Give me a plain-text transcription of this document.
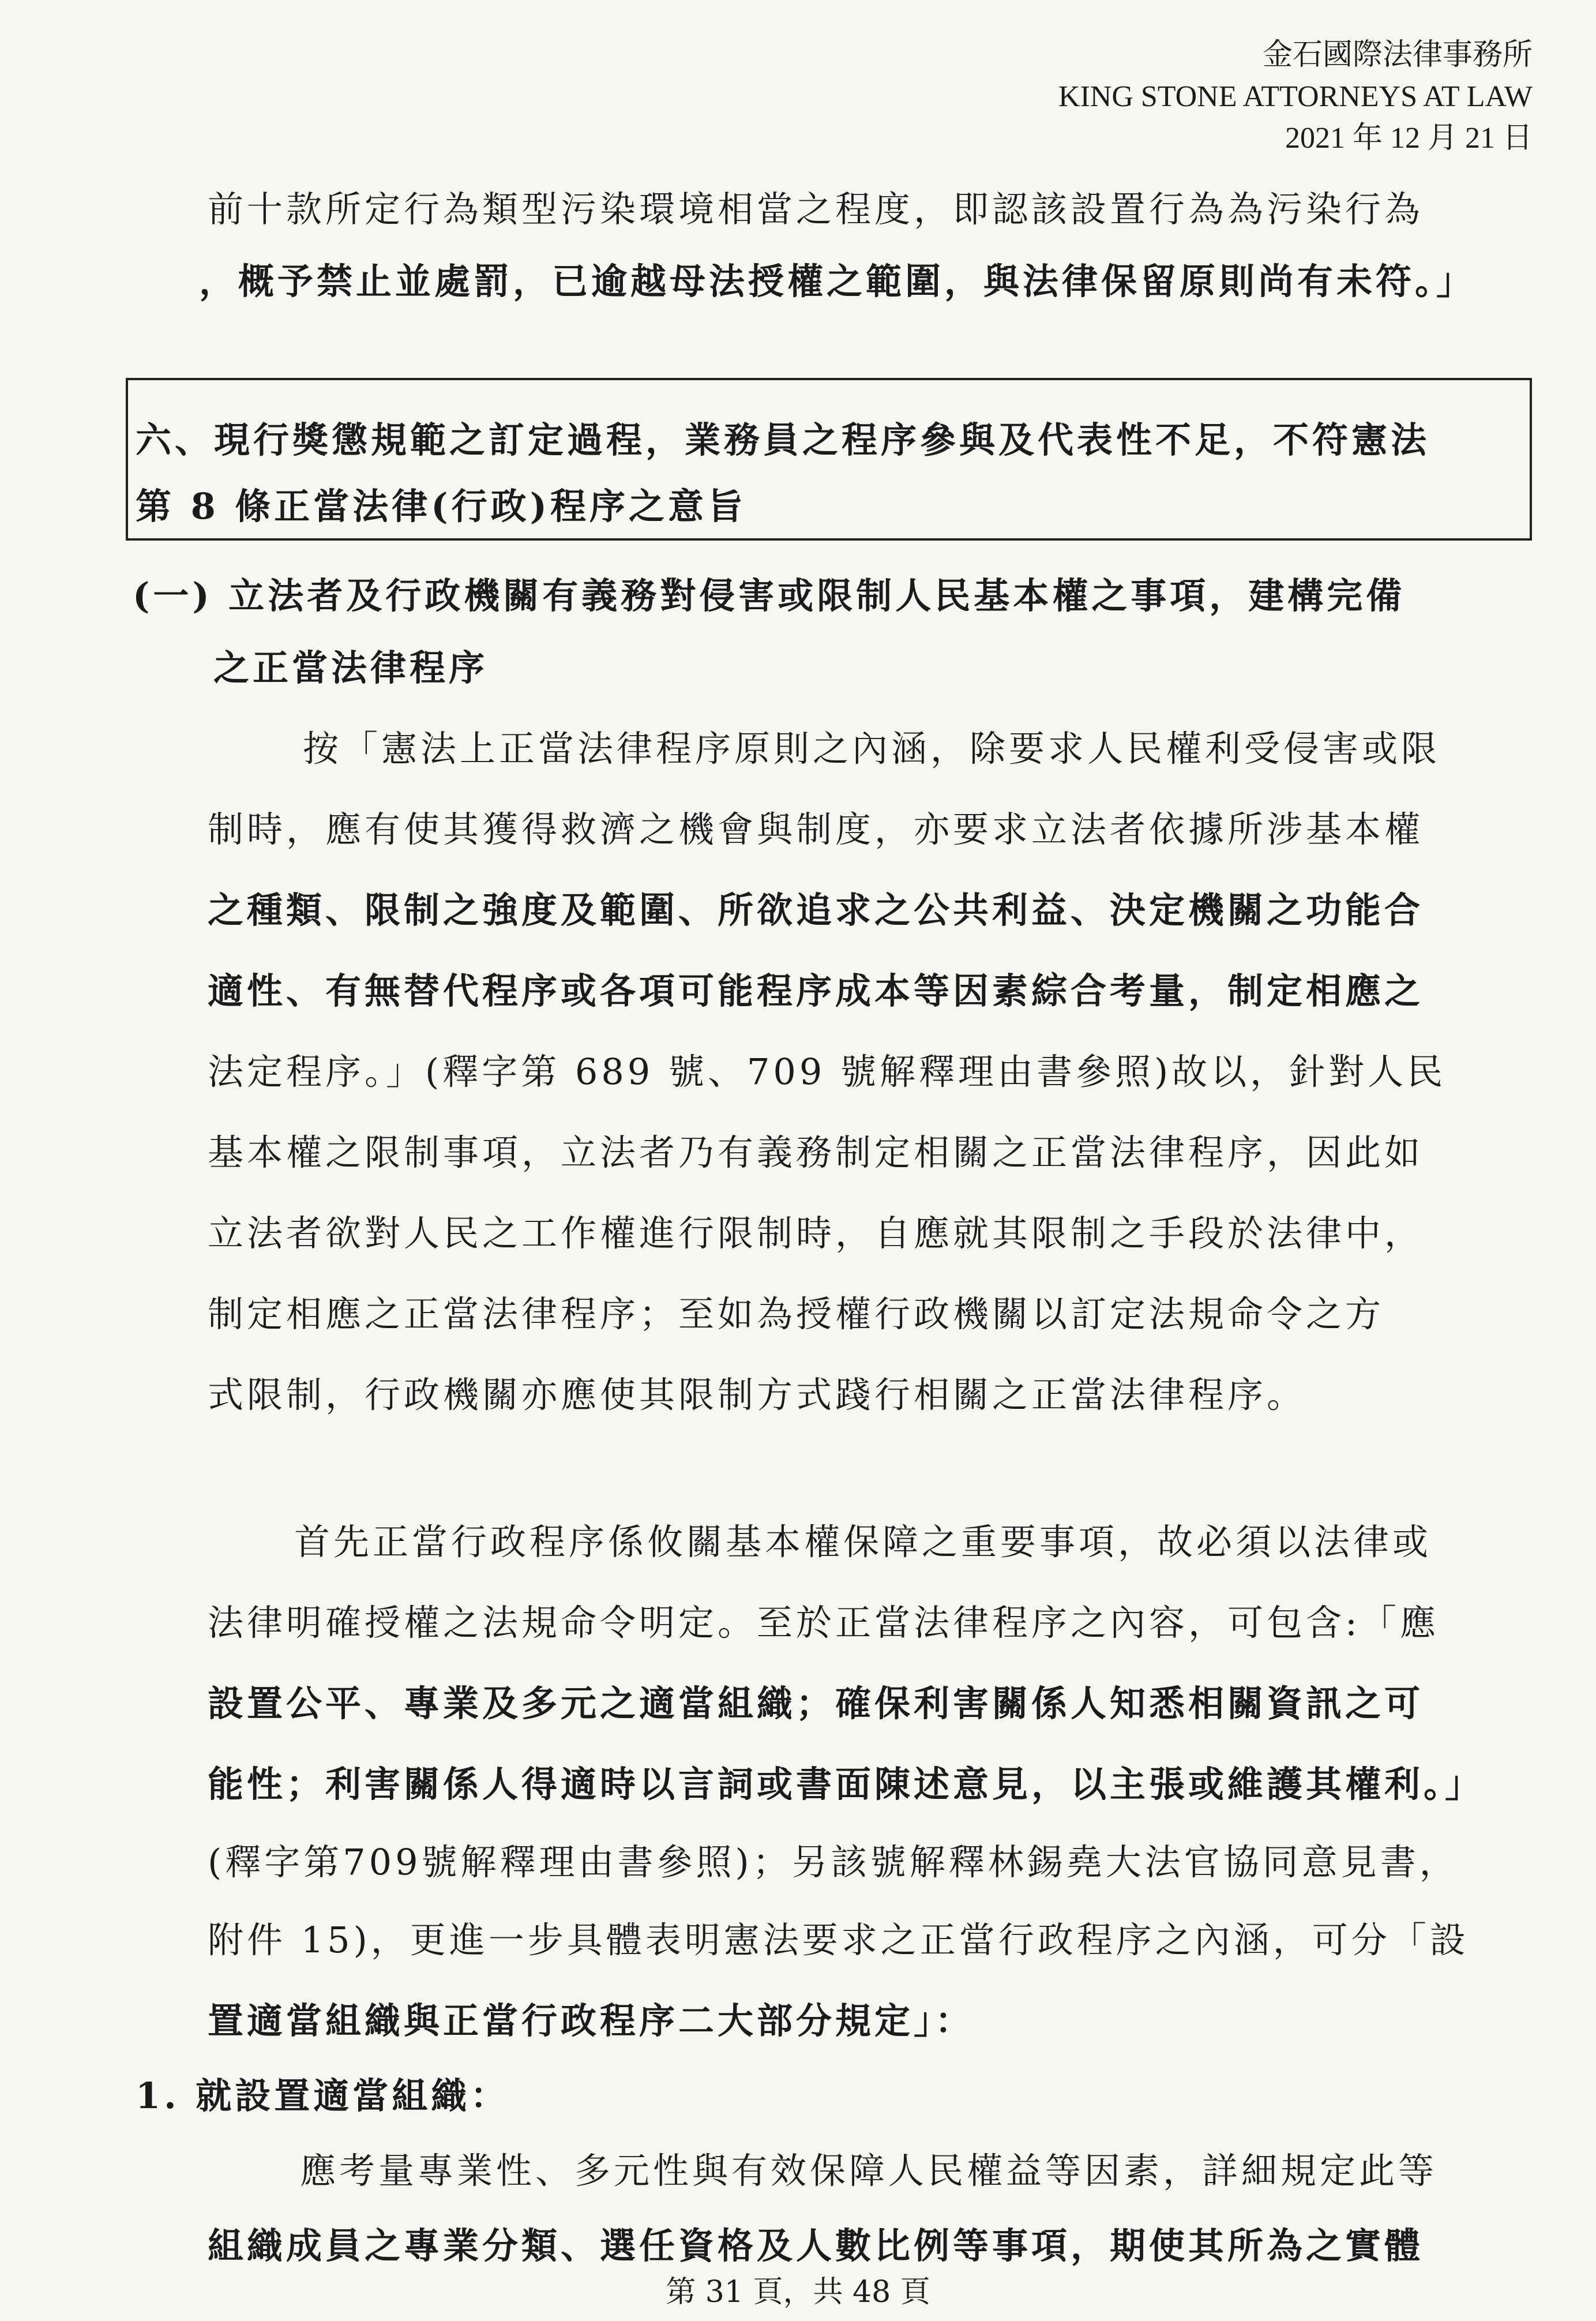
金石國際法律事務所
KING STONE ATTORNEYS AT LAW
2021 年 12 月 21 日

前十款所定行為類型污染環境相當之程度，即認該設置行為為污染行為

，概予禁止並處罰，已逾越母法授權之範圍，與法律保留原則尚有未符。」

六、現行獎懲規範之訂定過程，業務員之程序參與及代表性不足，不符憲法

第 8 條正當法律(行政)程序之意旨

(一) 立法者及行政機關有義務對侵害或限制人民基本權之事項，建構完備

之正當法律程序

按「憲法上正當法律程序原則之內涵，除要求人民權利受侵害或限

制時，應有使其獲得救濟之機會與制度，亦要求立法者依據所涉基本權

之種類、限制之強度及範圍、所欲追求之公共利益、決定機關之功能合

適性、有無替代程序或各項可能程序成本等因素綜合考量，制定相應之

法定程序。」(釋字第 689 號、709 號解釋理由書參照)故以，針對人民

基本權之限制事項，立法者乃有義務制定相關之正當法律程序，因此如

立法者欲對人民之工作權進行限制時，自應就其限制之手段於法律中，

制定相應之正當法律程序；至如為授權行政機關以訂定法規命令之方

式限制，行政機關亦應使其限制方式踐行相關之正當法律程序。

首先正當行政程序係攸關基本權保障之重要事項，故必須以法律或

法律明確授權之法規命令明定。至於正當法律程序之內容，可包含:「應

設置公平、專業及多元之適當組織；確保利害關係人知悉相關資訊之可

能性；利害關係人得適時以言詞或書面陳述意見，以主張或維護其權利。」

(釋字第709號解釋理由書參照)；另該號解釋林錫堯大法官協同意見書，

附件 15)，更進一步具體表明憲法要求之正當行政程序之內涵，可分「設

置適當組織與正當行政程序二大部分規定」：

1. 就設置適當組織：

應考量專業性、多元性與有效保障人民權益等因素，詳細規定此等

組織成員之專業分類、選任資格及人數比例等事項，期使其所為之實體

第 31 頁，共 48 頁
